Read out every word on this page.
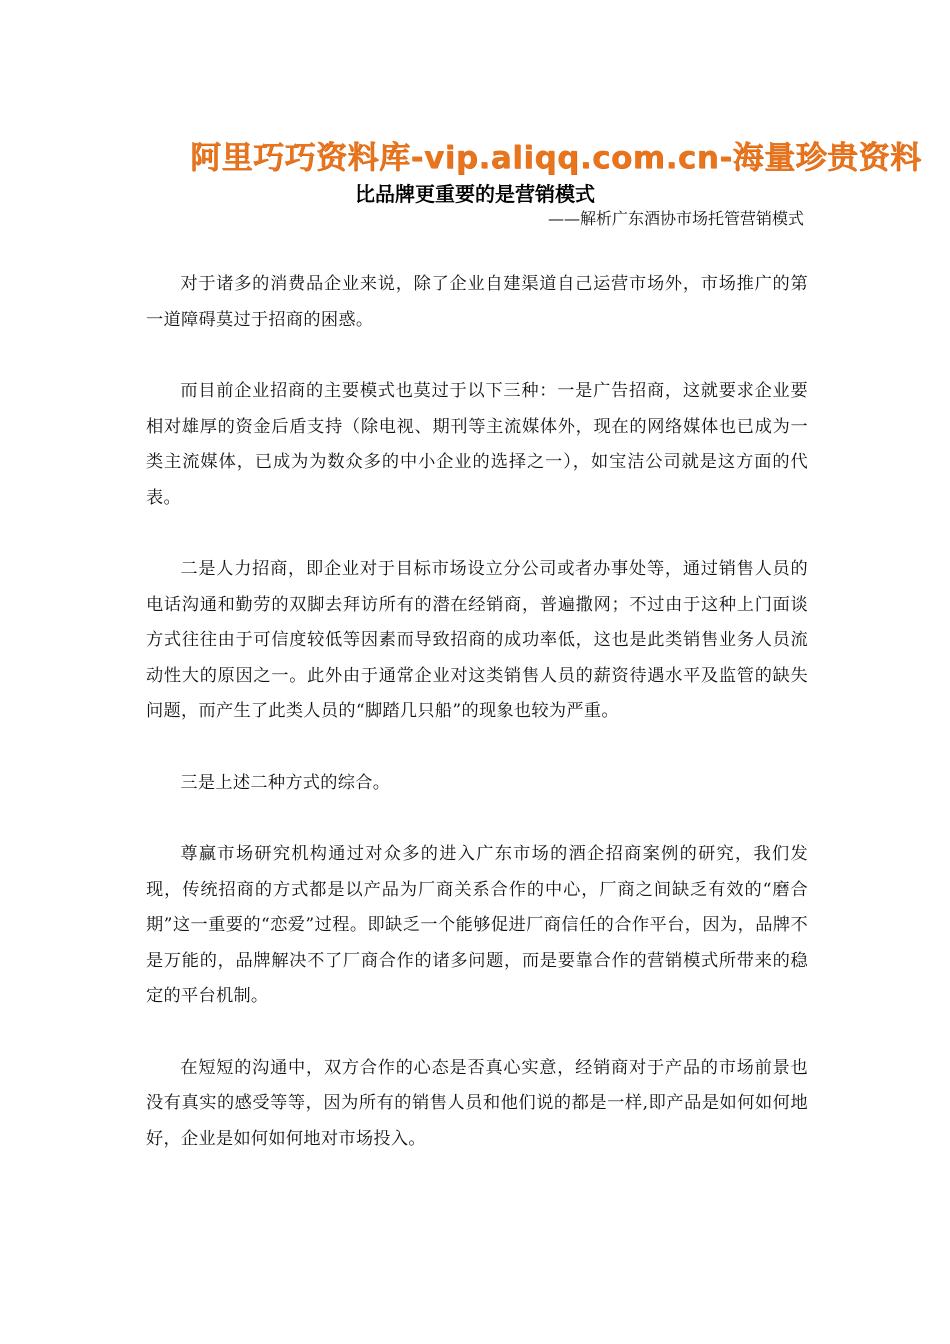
阿里巧巧资料库-vip.aliqq.com.cn-海量珍贵资料
比品牌更重要的是营销模式
——解析广东酒协市场托管营销模式

对于诸多的消费品企业来说，除了企业自建渠道自己运营市场外，市场推广的第一道障碍莫过于招商的困惑。

而目前企业招商的主要模式也莫过于以下三种：一是广告招商，这就要求企业要相对雄厚的资金后盾支持（除电视、期刊等主流媒体外，现在的网络媒体也已成为一类主流媒体，已成为为数众多的中小企业的选择之一），如宝洁公司就是这方面的代表。

二是人力招商，即企业对于目标市场设立分公司或者办事处等，通过销售人员的电话沟通和勤劳的双脚去拜访所有的潜在经销商，普遍撒网；不过由于这种上门面谈方式往往由于可信度较低等因素而导致招商的成功率低，这也是此类销售业务人员流动性大的原因之一。此外由于通常企业对这类销售人员的薪资待遇水平及监管的缺失问题，而产生了此类人员的“脚踏几只船”的现象也较为严重。

三是上述二种方式的综合。

尊赢市场研究机构通过对众多的进入广东市场的酒企招商案例的研究，我们发现，传统招商的方式都是以产品为厂商关系合作的中心，厂商之间缺乏有效的“磨合期”这一重要的“恋爱”过程。即缺乏一个能够促进厂商信任的合作平台，因为，品牌不是万能的，品牌解决不了厂商合作的诸多问题，而是要靠合作的营销模式所带来的稳定的平台机制。

在短短的沟通中，双方合作的心态是否真心实意，经销商对于产品的市场前景也没有真实的感受等等，因为所有的销售人员和他们说的都是一样,即产品是如何如何地好，企业是如何如何地对市场投入。
